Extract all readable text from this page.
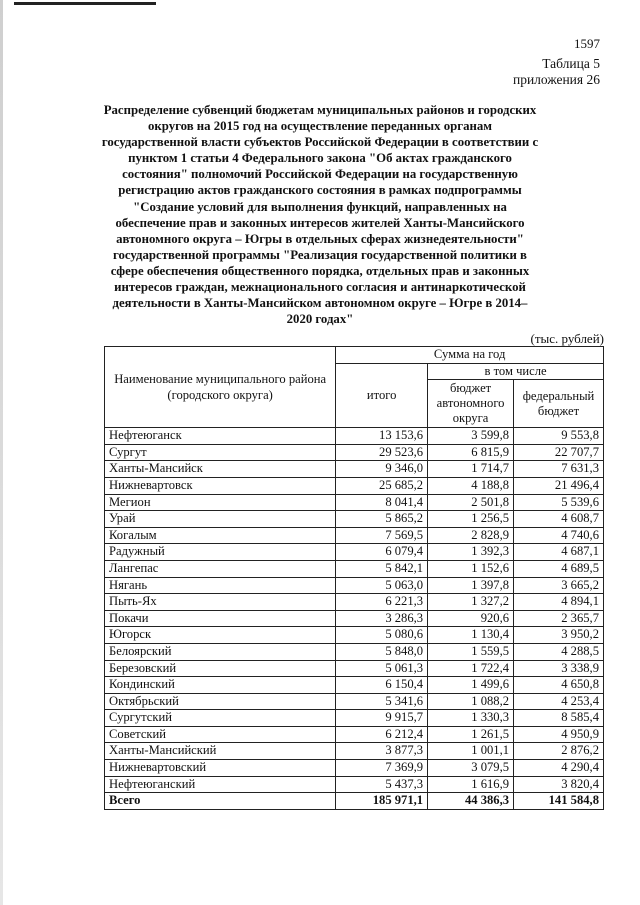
1597
Таблица 5
приложения 26
Распределение субвенций бюджетам муниципальных районов и городских округов на 2015 год на осуществление переданных органам государственной власти субъектов Российской Федерации в соответствии с пунктом 1 статьи 4 Федерального закона "Об актах гражданского состояния" полномочий Российской Федерации на государственную регистрацию актов гражданского состояния в рамках подпрограммы "Создание условий для выполнения функций, направленных на обеспечение прав и законных интересов жителей Ханты-Мансийского автономного округа – Югры в отдельных сферах жизнедеятельности" государственной программы "Реализация государственной политики в сфере обеспечения общественного порядка, отдельных прав и законных интересов граждан, межнационального согласия и антинаркотической деятельности в Ханты-Мансийском автономном округе – Югре в 2014–2020 годах"
(тыс. рублей)
Наименование муниципального района (городского округа)	Сумма на год		
	итого	в том числе	
		бюджет автономного округа	федеральный бюджет
Нефтеюганск	13 153,6	3 599,8	9 553,8
Сургут	29 523,6	6 815,9	22 707,7
Ханты-Мансийск	9 346,0	1 714,7	7 631,3
Нижневартовск	25 685,2	4 188,8	21 496,4
Мегион	8 041,4	2 501,8	5 539,6
Урай	5 865,2	1 256,5	4 608,7
Когалым	7 569,5	2 828,9	4 740,6
Радужный	6 079,4	1 392,3	4 687,1
Лангепас	5 842,1	1 152,6	4 689,5
Нягань	5 063,0	1 397,8	3 665,2
Пыть-Ях	6 221,3	1 327,2	4 894,1
Покачи	3 286,3	920,6	2 365,7
Югорск	5 080,6	1 130,4	3 950,2
Белоярский	5 848,0	1 559,5	4 288,5
Березовский	5 061,3	1 722,4	3 338,9
Кондинский	6 150,4	1 499,6	4 650,8
Октябрьский	5 341,6	1 088,2	4 253,4
Сургутский	9 915,7	1 330,3	8 585,4
Советский	6 212,4	1 261,5	4 950,9
Ханты-Мансийский	3 877,3	1 001,1	2 876,2
Нижневартовский	7 369,9	3 079,5	4 290,4
Нефтеюганский	5 437,3	1 616,9	3 820,4
Всего	185 971,1	44 386,3	141 584,8
